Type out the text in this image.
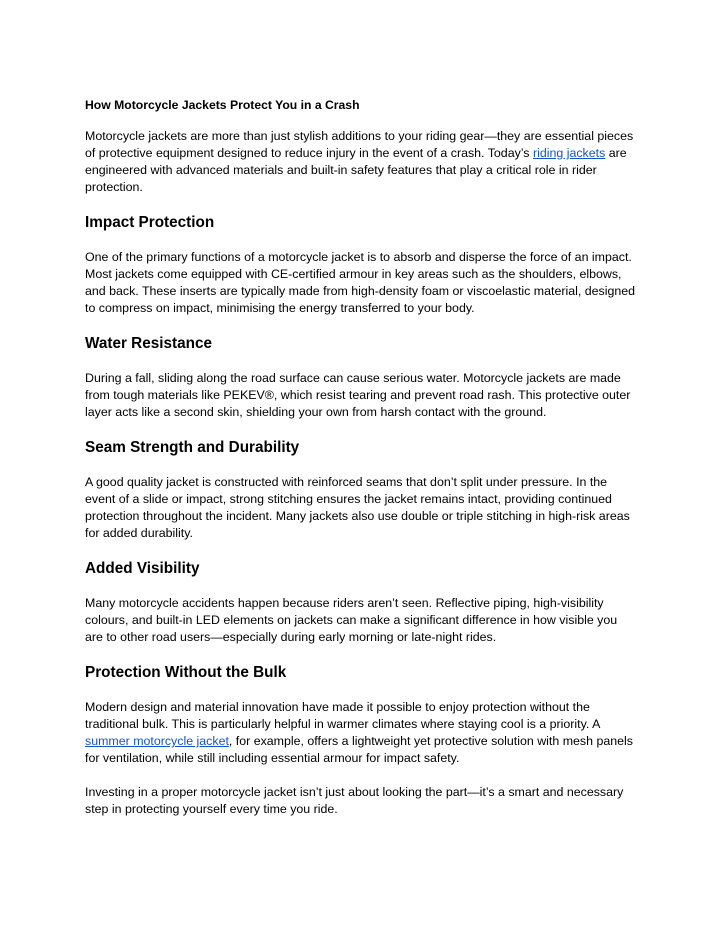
How Motorcycle Jackets Protect You in a Crash

Motorcycle jackets are more than just stylish additions to your riding gear—they are essential pieces of protective equipment designed to reduce injury in the event of a crash. Today’s riding jackets are engineered with advanced materials and built-in safety features that play a critical role in rider protection.

Impact Protection

One of the primary functions of a motorcycle jacket is to absorb and disperse the force of an impact. Most jackets come equipped with CE-certified armour in key areas such as the shoulders, elbows, and back. These inserts are typically made from high-density foam or viscoelastic material, designed to compress on impact, minimising the energy transferred to your body.

Water Resistance

During a fall, sliding along the road surface can cause serious water. Motorcycle jackets are made from tough materials like PEKEV®, which resist tearing and prevent road rash. This protective outer layer acts like a second skin, shielding your own from harsh contact with the ground.

Seam Strength and Durability

A good quality jacket is constructed with reinforced seams that don’t split under pressure. In the event of a slide or impact, strong stitching ensures the jacket remains intact, providing continued protection throughout the incident. Many jackets also use double or triple stitching in high-risk areas for added durability.

Added Visibility

Many motorcycle accidents happen because riders aren’t seen. Reflective piping, high-visibility colours, and built-in LED elements on jackets can make a significant difference in how visible you are to other road users—especially during early morning or late-night rides.

Protection Without the Bulk

Modern design and material innovation have made it possible to enjoy protection without the traditional bulk. This is particularly helpful in warmer climates where staying cool is a priority. A summer motorcycle jacket, for example, offers a lightweight yet protective solution with mesh panels for ventilation, while still including essential armour for impact safety.

Investing in a proper motorcycle jacket isn’t just about looking the part—it’s a smart and necessary step in protecting yourself every time you ride.
